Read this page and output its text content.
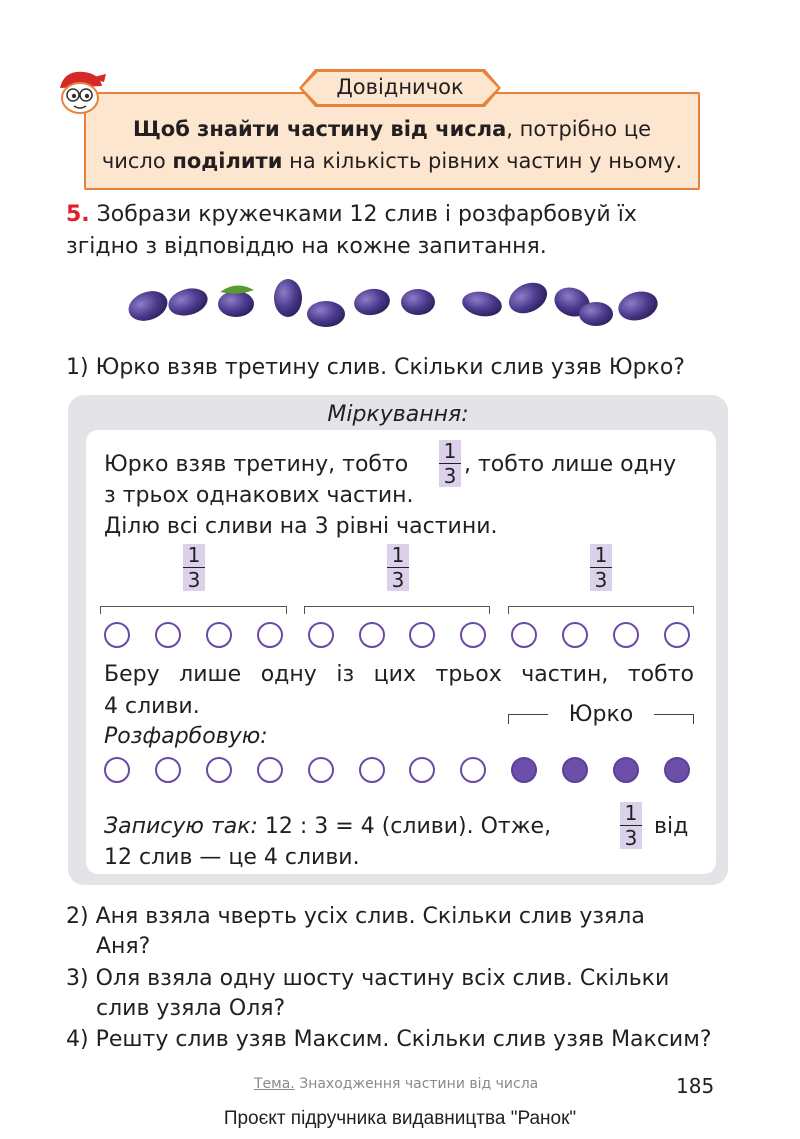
Довідничок
Щоб знайти частину від числа, потрібно це
число поділити на кількість рівних частин у ньому.
5. Зобрази кружечками 12 слив і розфарбовуй їх
згідно з відповіддю на кожне запитання.
1) Юрко взяв третину слив. Скільки слив узяв Юрко?
Міркування:
Юрко взяв третину, тобто $\frac{1}{3}$ , тобто лише одну
з трьох однакових частин.
Ділю всі сливи на 3 рівні частини.
$\frac{1}{3}$	$\frac{1}{3}$	$\frac{1}{3}$
Беру лише одну із цих трьох частин, тобто
4 сливи.	Юрко
Розфарбовую:
Записую так: 12 : 3 = 4 (сливи). Отже,	$\frac{1}{3}$ від
12 слив — це 4 сливи.
2) Аня взяла чверть усіх слив. Скільки слив узяла
Аня?
3) Оля взяла одну шосту частину всіх слив. Скільки
слив узяла Оля?
4) Решту слив узяв Максим. Скільки слив узяв Максим?
Тема. Знаходження частини від числа	185
Проєкт підручника видавництва "Ранок"
